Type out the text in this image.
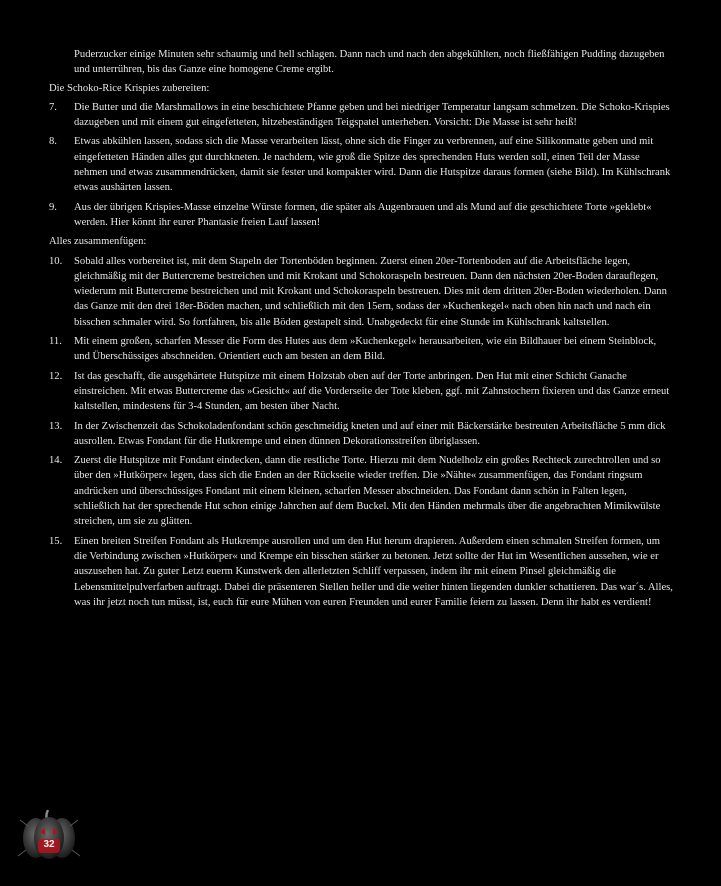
Puderzucker einige Minuten sehr schaumig und hell schlagen. Dann nach und nach den abgekühlten, noch fließfähigen Pudding dazugeben und unterrühren, bis das Ganze eine homogene Creme ergibt.

Die Schoko-Rice Krispies zubereiten:

7.	Die Butter und die Marshmallows in eine beschichtete Pfanne geben und bei niedriger Temperatur langsam schmelzen. Die Schoko-Krispies dazugeben und mit einem gut eingefetteten, hitzebeständigen Teigspatel unterheben. Vorsicht: Die Masse ist sehr heiß!
8.	Etwas abkühlen lassen, sodass sich die Masse verarbeiten lässt, ohne sich die Finger zu verbrennen, auf eine Silikonmatte geben und mit eingefetteten Händen alles gut durchkneten. Je nachdem, wie groß die Spitze des sprechenden Huts werden soll, einen Teil der Masse nehmen und etwas zusammendrücken, damit sie fester und kompakter wird. Dann die Hutspitze daraus formen (siehe Bild). Im Kühlschrank etwas aushärten lassen.
9.	Aus der übrigen Krispies-Masse einzelne Würste formen, die später als Augenbrauen und als Mund auf die geschichtete Torte »geklebt« werden. Hier könnt ihr eurer Phantasie freien Lauf lassen!

Alles zusammenfügen:

10.	Sobald alles vorbereitet ist, mit dem Stapeln der Tortenböden beginnen. Zuerst einen 20er-Tortenboden auf die Arbeitsfläche legen, gleichmäßig mit der Buttercreme bestreichen und mit Krokant und Schokoraspeln bestreuen. Dann den nächsten 20er-Boden darauflegen, wiederum mit Buttercreme bestreichen und mit Krokant und Schokoraspeln bestreuen. Dies mit dem dritten 20er-Boden wiederholen. Dann das Ganze mit den drei 18er-Böden machen, und schließlich mit den 15ern, sodass der »Kuchenkegel« nach oben hin nach und nach ein bisschen schmaler wird. So fortfahren, bis alle Böden gestapelt sind. Unabgedeckt für eine Stunde im Kühlschrank kaltstellen.
11.	Mit einem großen, scharfen Messer die Form des Hutes aus dem »Kuchenkegel« herausarbeiten, wie ein Bildhauer bei einem Steinblock, und Überschüssiges abschneiden. Orientiert euch am besten an dem Bild.
12.	Ist das geschafft, die ausgehärtete Hutspitze mit einem Holzstab oben auf der Torte anbringen. Den Hut mit einer Schicht Ganache einstreichen. Mit etwas Buttercreme das »Gesicht« auf die Vorderseite der Tote kleben, ggf. mit Zahnstochern fixieren und das Ganze erneut kaltstellen, mindestens für 3-4 Stunden, am besten über Nacht.
13.	In der Zwischenzeit das Schokoladenfondant schön geschmeidig kneten und auf einer mit Bäckerstärke bestreuten Arbeitsfläche 5 mm dick ausrollen. Etwas Fondant für die Hutkrempe und einen dünnen Dekorationsstreifen übriglassen.
14.	Zuerst die Hutspitze mit Fondant eindecken, dann die restliche Torte. Hierzu mit dem Nudelholz ein großes Rechteck zurechtrollen und so über den »Hutkörper« legen, dass sich die Enden an der Rückseite wieder treffen. Die »Nähte« zusammenfügen, das Fondant ringsum andrücken und überschüssiges Fondant mit einem kleinen, scharfen Messer abschneiden. Das Fondant dann schön in Falten legen, schließlich hat der sprechende Hut schon einige Jahrchen auf dem Buckel. Mit den Händen mehrmals über die angebrachten Mimikwülste streichen, um sie zu glätten.
15.	Einen breiten Streifen Fondant als Hutkrempe ausrollen und um den Hut herum drapieren. Außerdem einen schmalen Streifen formen, um die Verbindung zwischen »Hutkörper« und Krempe ein bisschen stärker zu betonen. Jetzt sollte der Hut im Wesentlichen aussehen, wie er auszusehen hat. Zu guter Letzt euerm Kunstwerk den allerletzten Schliff verpassen, indem ihr mit einem Pinsel gleichmäßig die Lebensmittelpulverfarben auftragt. Dabei die präsenteren Stellen heller und die weiter hinten liegenden dunkler schattieren. Das war´s. Alles, was ihr jetzt noch tun müsst, ist, euch für eure Mühen von euren Freunden und eurer Familie feiern zu lassen. Denn ihr habt es verdient!
32
